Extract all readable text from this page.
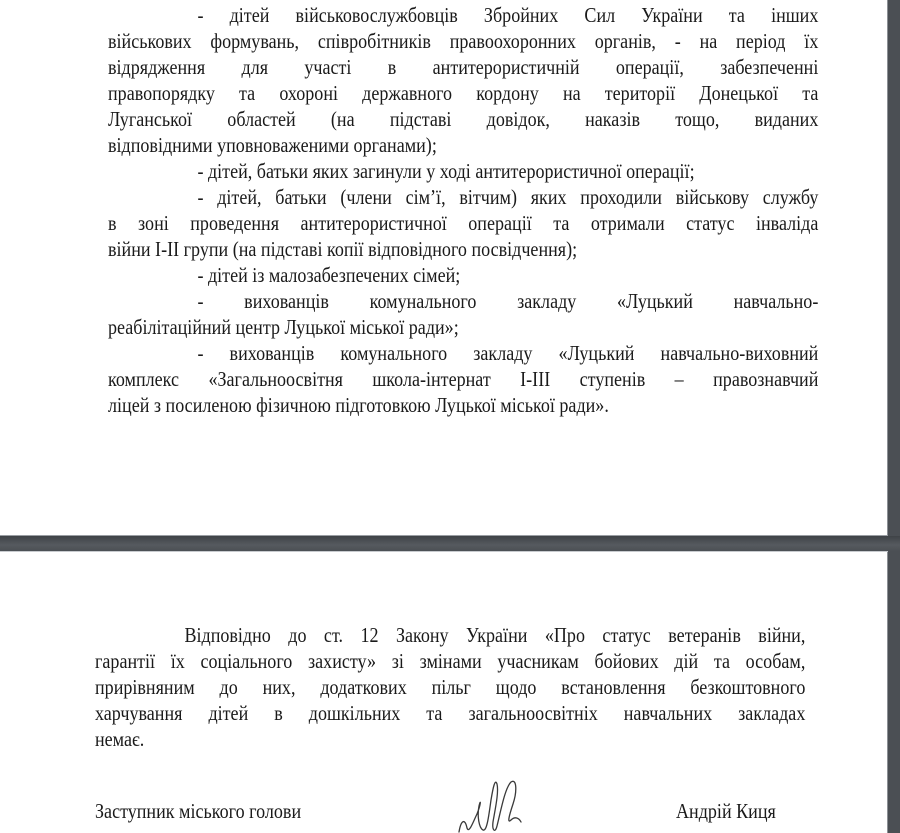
- дітей військовослужбовців Збройних Сил України та інших
військових формувань, співробітників правоохоронних органів, - на період їх
відрядження для участі в антитерористичній операції, забезпеченні
правопорядку та охороні державного кордону на території Донецької та
Луганської областей (на підставі довідок, наказів тощо, виданих
відповідними уповноваженими органами);
- дітей, батьки яких загинули у ході антитерористичної операції;
- дітей, батьки (члени сім’ї, вітчим) яких проходили військову службу
в зоні проведення антитерористичної операції та отримали статус інваліда
війни I-II групи (на підставі копії відповідного посвідчення);
- дітей із малозабезпечених сімей;
- вихованців комунального закладу «Луцький навчально-
реабілітаційний центр Луцької міської ради»;
- вихованців комунального закладу «Луцький навчально-виховний
комплекс «Загальноосвітня школа-інтернат I-III ступенів – правознавчий
ліцей з посиленою фізичною підготовкою Луцької міської ради».
Відповідно до ст. 12 Закону України «Про статус ветеранів війни,
гарантії їх соціального захисту» зі змінами учасникам бойових дій та особам,
прирівняним до них, додаткових пільг щодо встановлення безкоштовного
харчування дітей в дошкільних та загальноосвітніх навчальних закладах
немає.
Заступник міського голови	Андрій Киця
